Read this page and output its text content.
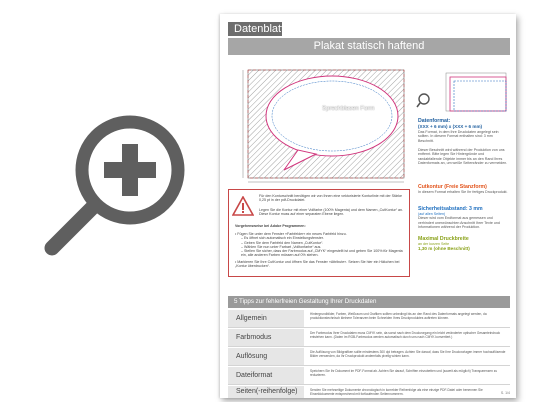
Datenblatt
Plakat statisch haftend
Sprechblasen Form
Datenformat:
(XXX + 6 mm) x (XXX + 6 mm)
Das Format, in dem Ihre Druckdaten angelegt sein sollten. In diesem Format enthalten sind: 3 mm Beschnitt.
Dieser Beschnitt wird während der Produktion von uns entfernt. Bitte legen Sie Hintergründe und randabfallende Objekte immer bis an den Rand Ihres Datenformats an, um weiße Seitenränder zu vermeiden.
Cutkontur (Freie Stanzform)
In diesem Format erhalten Sie Ihr fertiges Druckprodukt.
Sicherheitsabstand: 3 mm
(auf allen Seiten)
Dieser wird vom Endformat aus gemessen und verhindert unerwünschten Anschnitt Ihrer Texte und Informationen während der Produktion.
Maximal Druckbreite
an der kurzen Seite
1,30 m (ohne Beschnitt)
Für den Konturschnitt benötigen wir von Ihnen eine vektorisierte Konturlinie mit der Stärke 0,25 pt in der pdf-Druckdatei.
Legen Sie die Kontur mit einer Vollfarbe (100% Magenta) und dem Namen „CutKontur“ an. Diese Kontur muss auf einer separaten Ebene liegen.
Vorgehensweise bei Adobe Programmen:
• Fügen Sie unter dem Fenster »Farbfelder« ein neues Farbfeld hinzu.
– Es öffnet sich automatisch ein Einstellungsfenster.
– Geben Sie dem Farbfeld den Namen „CutKontur“.
– Wählen Sie nun unter Farbart „Volltonfarbe“ aus.
– Stellen Sie sicher, dass der Farbmodus auf „CMYK“ eingestellt ist und geben Sie 100% für Magenta ein, alle anderen Farben müssen auf 0% stehen.
• Markieren Sie Ihre CutKontur und öffnen Sie das Fenster »Attribute«. Setzen Sie hier ein Häkchen bei „Kontur überdrucken“.
5 Tipps zur fehlerfreien Gestaltung Ihrer Druckdaten
Allgemein
Hintergrundbilder, Farben, Weißraum und Grafiken sollten unbedingt bis an den Rand des Datenformats angelegt werden, da produktionstechnisch kleinere Toleranzen beim Schneiden Ihres Druckproduktes auftreten können.
Farbmodus
Der Farbmodus Ihrer Druckdaten muss CMYK sein, da sonst nach dem Druckvorgang ein leicht veränderter optischer Gesamteindruck entstehen kann. (Daten im RGB-Farbmodus werden automatisch durch uns nach CMYK konvertiert.)
Auflösung
Die Auflösung von Bildgrafiken sollte mindestens 300 dpi betragen. Achten Sie darauf, dass Sie Ihre Druckvorlagen immer hochauflösende Bilder verwenden, da Ihr Druckprodukt andernfalls pixelig wirken kann.
Dateiformat
Speichern Sie Ihr Dokument im PDF-Format ab. Achten Sie darauf, Schriften einzubetten und (soweit als möglich) Transparenzen zu reduzieren.
Seiten(-reihenfolge)	Senden Sie mehrseitige Dokumente chronologisch in korrekter Reihenfolge als eine einzige PDF-Datei oder benennen Sie Einzeldokumente entsprechend mit fortlaufenden Seitennummern.	S. 1/4
